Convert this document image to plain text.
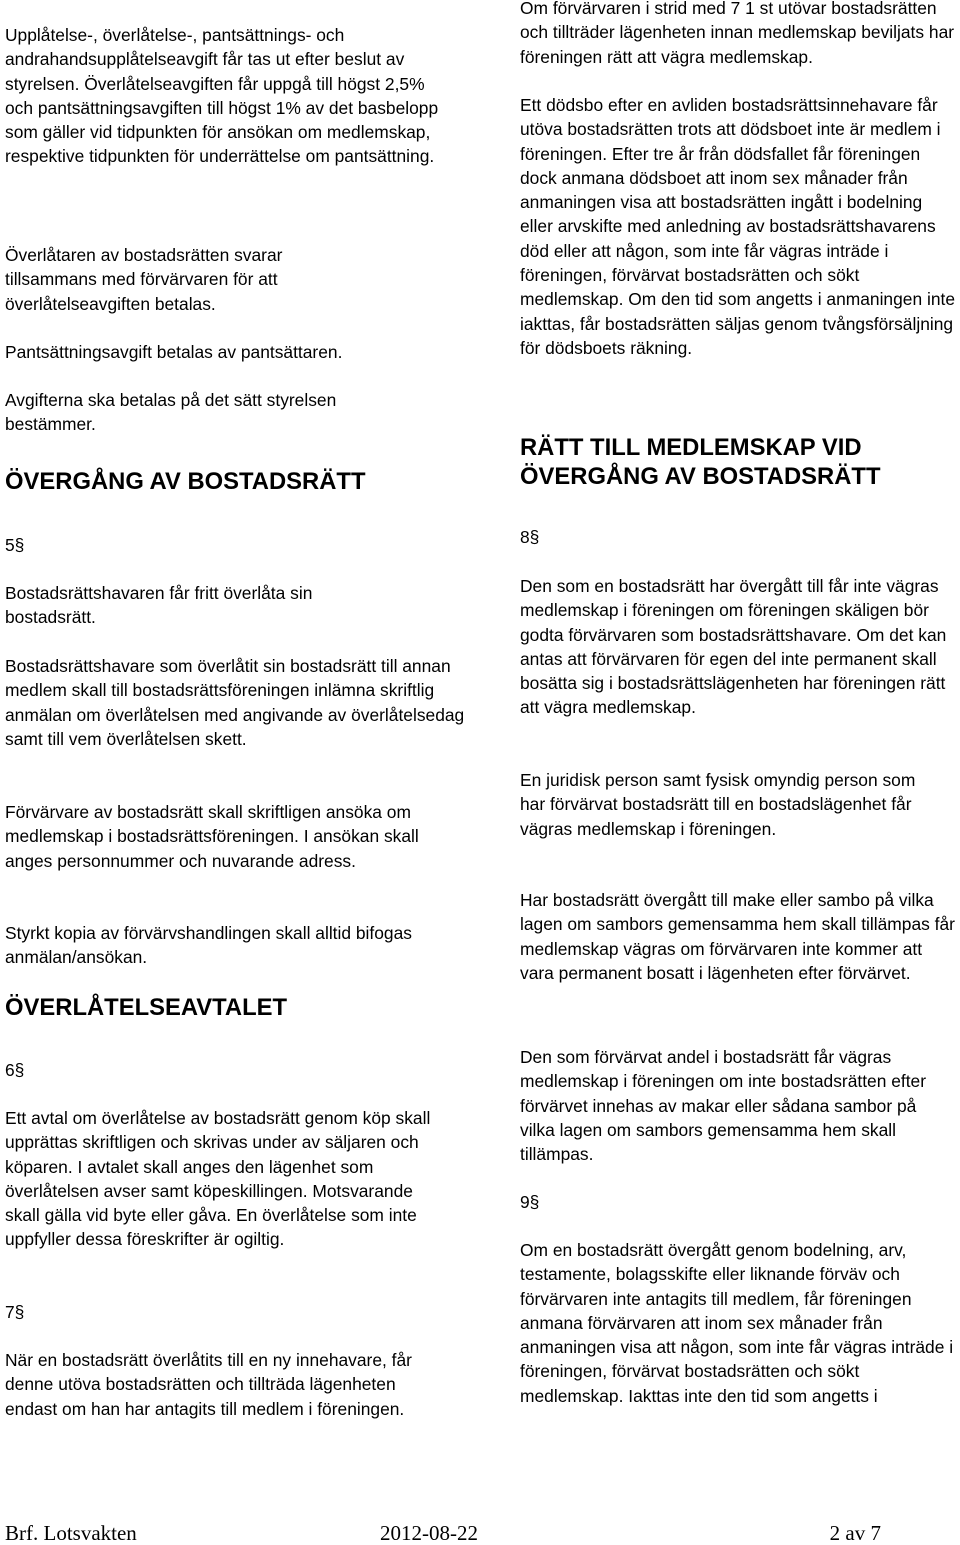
Upplåtelse-, överlåtelse-, pantsättnings- och andrahandsupplåtelseavgift får tas ut efter beslut av styrelsen. Överlåtelseavgiften får uppgå till högst 2,5% och pantsättningsavgiften till högst 1% av det basbelopp som gäller vid tidpunkten för ansökan om medlemskap, respektive tidpunkten för underrättelse om pantsättning.

Överlåtaren av bostadsrätten svarar tillsammans med förvärvaren för att överlåtelseavgiften betalas.

Pantsättningsavgift betalas av pantsättaren.

Avgifterna ska betalas på det sätt styrelsen bestämmer.

ÖVERGÅNG AV BOSTADSRÄTT
5§

Bostadsrättshavaren får fritt överlåta sin bostadsrätt.

Bostadsrättshavare som överlåtit sin bostadsrätt till annan medlem skall till bostadsrättsföreningen inlämna skriftlig anmälan om överlåtelsen med angivande av överlåtelsedag samt till vem överlåtelsen skett.

Förvärvare av bostadsrätt skall skriftligen ansöka om medlemskap i bostadsrättsföreningen. I ansökan skall anges personnummer och nuvarande adress.

Styrkt kopia av förvärvshandlingen skall alltid bifogas anmälan/ansökan.

ÖVERLÅTELSEAVTALET
6§

Ett avtal om överlåtelse av bostadsrätt genom köp skall upprättas skriftligen och skrivas under av säljaren och köparen. I avtalet skall anges den lägenhet som överlåtelsen avser samt köpeskillingen. Motsvarande skall gälla vid byte eller gåva. En överlåtelse som inte uppfyller dessa föreskrifter är ogiltig.

7§

När en bostadsrätt överlåtits till en ny innehavare, får denne utöva bostadsrätten och tillträda lägenheten endast om han har antagits till medlem i föreningen.

Om förvärvaren i strid med 7 1 st utövar bostadsrätten och tillträder lägenheten innan medlemskap beviljats har föreningen rätt att vägra medlemskap.

Ett dödsbo efter en avliden bostadsrättsinnehavare får utöva bostadsrätten trots att dödsboet inte är medlem i föreningen. Efter tre år från dödsfallet får föreningen dock anmana dödsboet att inom sex månader från anmaningen visa att bostadsrätten ingått i bodelning eller arvskifte med anledning av bostadsrättshavarens död eller att någon, som inte får vägras inträde i föreningen, förvärvat bostadsrätten och sökt medlemskap. Om den tid som angetts i anmaningen inte iakttas, får bostadsrätten säljas genom tvångsförsäljning för dödsboets räkning.

RÄTT TILL MEDLEMSKAP VID ÖVERGÅNG AV BOSTADSRÄTT
8§

Den som en bostadsrätt har övergått till får inte vägras medlemskap i föreningen om föreningen skäligen bör godta förvärvaren som bostadsrättshavare. Om det kan antas att förvärvaren för egen del inte permanent skall bosätta sig i bostadsrättslägenheten har föreningen rätt att vägra medlemskap.

En juridisk person samt fysisk omyndig person som har förvärvat bostadsrätt till en bostadslägenhet får vägras medlemskap i föreningen.

Har bostadsrätt övergått till make eller sambo på vilka lagen om sambors gemensamma hem skall tillämpas får medlemskap vägras om förvärvaren inte kommer att vara permanent bosatt i lägenheten efter förvärvet.

Den som förvärvat andel i bostadsrätt får vägras medlemskap i föreningen om inte bostadsrätten efter förvärvet innehas av makar eller sådana sambor på vilka lagen om sambors gemensamma hem skall tillämpas.

9§

Om en bostadsrätt övergått genom bodelning, arv, testamente, bolagsskifte eller liknande förväv och förvärvaren inte antagits till medlem, får föreningen anmana förvärvaren att inom sex månader från anmaningen visa att någon, som inte får vägras inträde i föreningen, förvärvat bostadsrätten och sökt medlemskap. Iakttas inte den tid som angetts i

Brf. Lotsvakten	2012-08-22	2 av 7
